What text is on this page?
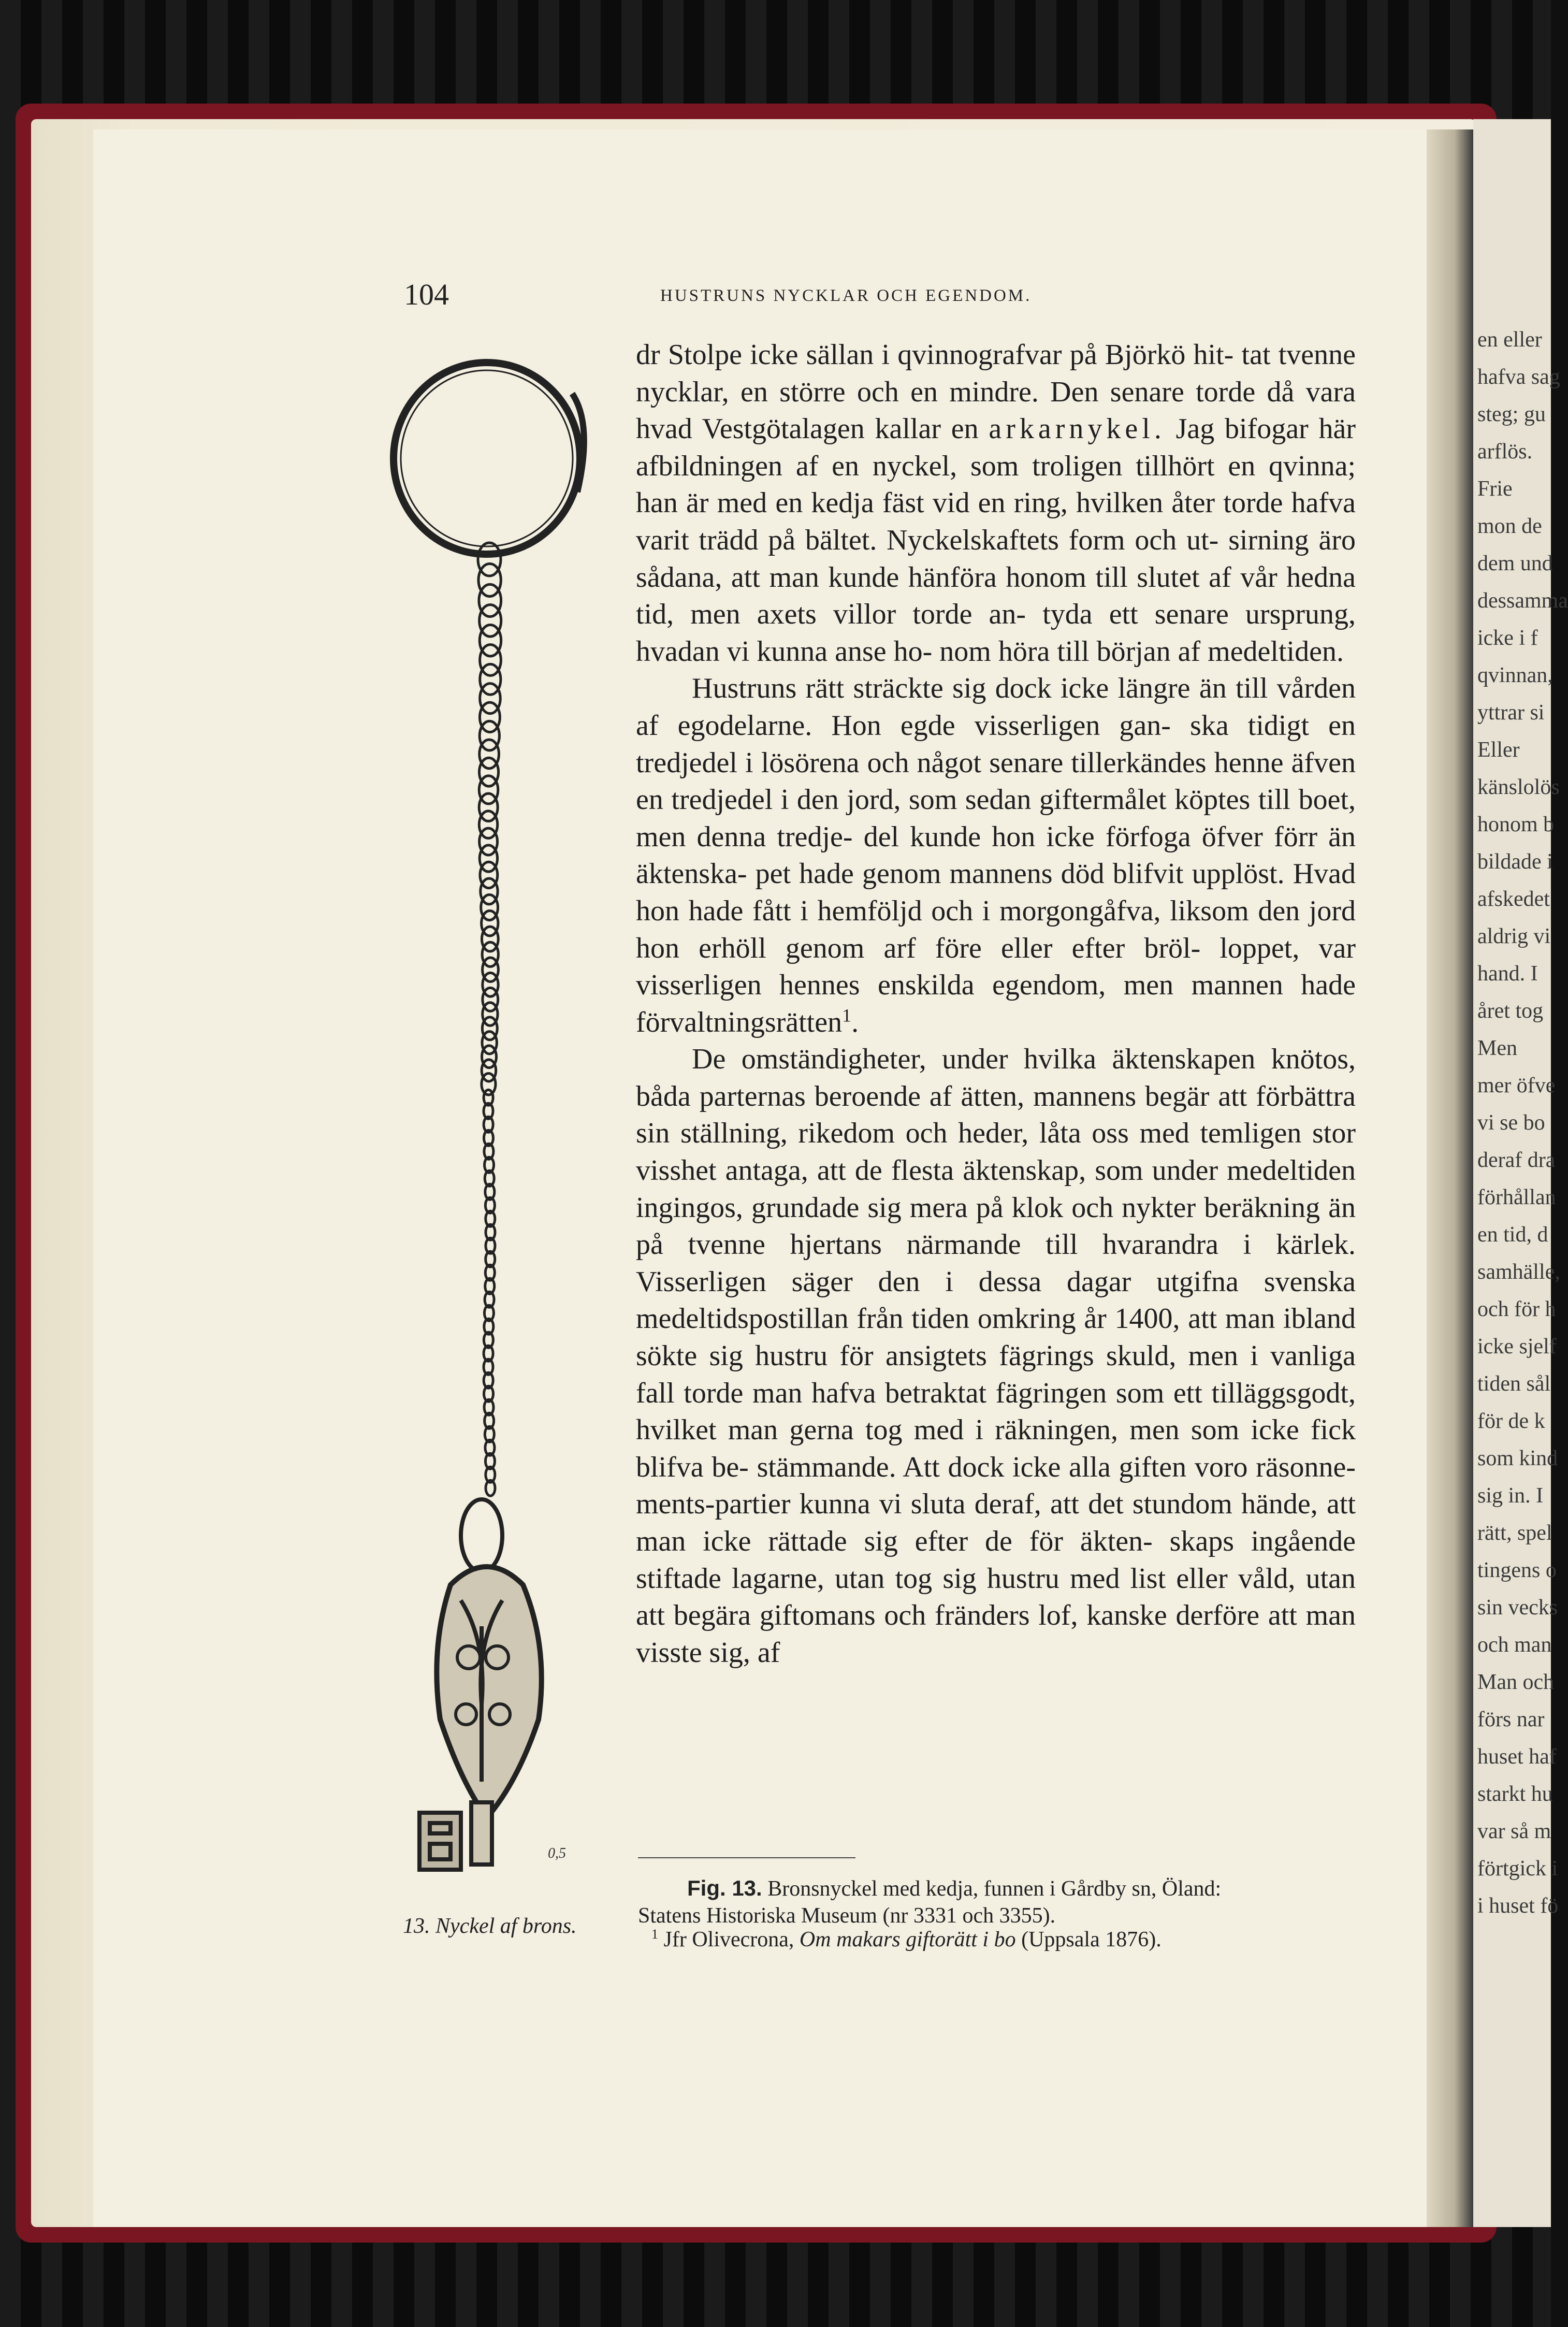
en eller
hafva sag
steg; gu
arflös.
Frie
mon de
dem und
dessamma
icke i f
qvinnan,
yttrar si
Eller
känslolös
honom b
bildade i
afskedet
aldrig vi
hand. I
året tog
Men
mer öfve
vi se bo
deraf dra
förhållan
en tid, d
samhälle,
och för h
icke sjelf
tiden sål
för de k
som kind
sig in. I
rätt, spel
tingens o
sin vecks
och man
Man och
förs nar
huset haf
starkt hu
var så m
förtgick i
i huset fö
104	HUSTRUNS NYCKLAR OCH EGENDOM.
0,5

dr Stolpe icke sällan i qvinnografvar på Björkö hit- tat tvenne nycklar, en större och en mindre. Den senare torde då vara hvad Vestgötalagen kallar en arkarnykel. Jag bifogar här afbildningen af en nyckel, som troligen tillhört en qvinna; han är med en kedja fäst vid en ring, hvilken åter torde hafva varit trädd på bältet. Nyckelskaftets form och ut- sirning äro sådana, att man kunde hänföra honom till slutet af vår hedna tid, men axets villor torde an- tyda ett senare ursprung, hvadan vi kunna anse ho- nom höra till början af medeltiden.

Hustruns rätt sträckte sig dock icke längre än till vården af egodelarne. Hon egde visserligen gan- ska tidigt en tredjedel i lösörena och något senare tillerkändes henne äfven en tredjedel i den jord, som sedan giftermålet köptes till boet, men denna tredje- del kunde hon icke förfoga öfver förr än äktenska- pet hade genom mannens död blifvit upplöst. Hvad hon hade fått i hemföljd och i morgongåfva, liksom den jord hon erhöll genom arf före eller efter bröl- loppet, var visserligen hennes enskilda egendom, men mannen hade förvaltningsrätten$^1$.

De omständigheter, under hvilka äktenskapen knötos, båda parternas beroende af ätten, mannens begär att förbättra sin ställning, rikedom och heder, låta oss med temligen stor visshet antaga, att de flesta äktenskap, som under medeltiden ingingos, grundade sig mera på klok och nykter beräkning än på tvenne hjertans närmande till hvarandra i kärlek. Visserligen säger den i dessa dagar utgifna svenska medeltidspostillan från tiden omkring år 1400, att man ibland sökte sig hustru för ansigtets fägrings skuld, men i vanliga fall torde man hafva betraktat fägringen som ett tilläggsgodt, hvilket man gerna tog med i räkningen, men som icke fick blifva be- stämmande. Att dock icke alla giften voro räsonne- ments-partier kunna vi sluta deraf, att det stundom hände, att man icke rättade sig efter de för äkten- skaps ingående stiftade lagarne, utan tog sig hustru med list eller våld, utan att begära giftomans och fränders lof, kanske derföre att man visste sig, af

Fig. 13. Bronsnyckel med kedja, funnen i Gårdby sn, Öland:

Statens Historiska Museum (nr 3331 och 3355).

$^1$ Jfr Olivecrona, Om makars giftorätt i bo (Uppsala 1876).
13. Nyckel af brons.
